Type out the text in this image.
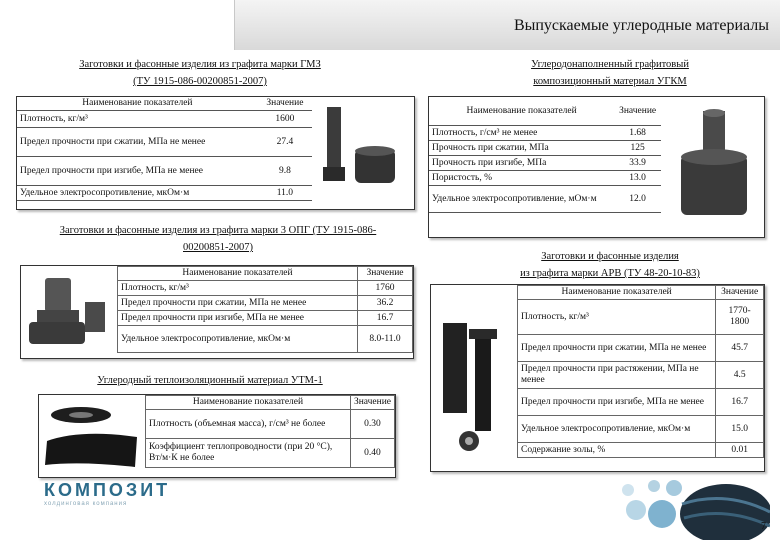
Выпускаемые углеродные материалы
Заготовки и фасонные изделия из графита марки ГМЗ
(ТУ 1915-086-00200851-2007)
Наименование показателей	Значение
Плотность, кг/м³	1600
Предел прочности при сжатии, МПа не менее	27.4
Предел прочности при изгибе, МПа не менее	9.8
Удельное электросопротивление, мкОм·м	11.0
Заготовки и фасонные изделия из графита марки 3 ОПГ (ТУ 1915-086-
00200851-2007)
Наименование показателей	Значение
Плотность, кг/м³	1760
Предел прочности при сжатии, МПа не менее	36.2
Предел прочности при изгибе, МПа не менее	16.7
Удельное электросопротивление, мкОм·м	8.0-11.0
Углеродный теплоизоляционный материал УТМ-1
Наименование показателей	Значение
Плотность (объемная масса), г/см³ не более	0.30
Коэффициент теплопроводности (при 20 °С), Вт/м·К не более	0.40
Углеродонаполненный графитовый
композиционный материал УГКМ
Наименование показателей	Значение
Плотность, г/см³ не менее	1.68
Прочность при сжатии, МПа	125
Прочность при изгибе, МПа	33.9
Пористость, %	13.0
Удельное электросопротивление, мОм·м	12.0
Заготовки и фасонные изделия
из графита марки АРВ (ТУ 48-20-10-83)
Наименование показателей	Значение
Плотность, кг/м³	1770-1800
Предел прочности при сжатии, МПа не менее	45.7
Предел прочности при растяжении, МПа не менее	4.5
Предел прочности при изгибе, МПа не менее	16.7
Удельное электросопротивление, мкОм·м	15.0
Содержание золы, %	0.01
КОМПОЗИТ
холдинговая компания
7
